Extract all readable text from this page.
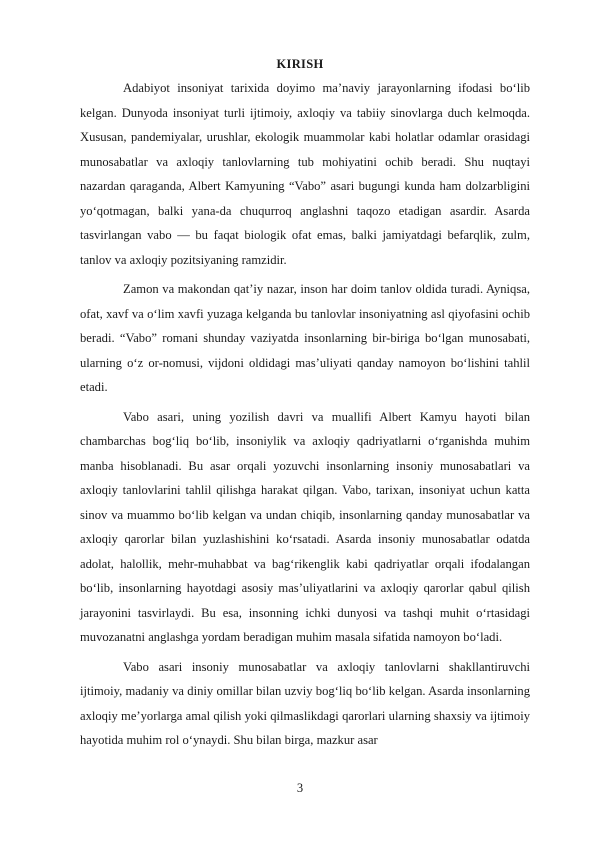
KIRISH

Adabiyot insoniyat tarixida doyimo maʼnaviy jarayonlarning ifodasi boʻlib kelgan. Dunyoda insoniyat turli ijtimoiy, axloqiy va tabiiy sinovlarga duch kelmoqda. Xususan, pandemiyalar, urushlar, ekologik muammolar kabi holatlar odamlar orasidagi munosabatlar va axloqiy tanlovlarning tub mohiyatini ochib beradi. Shu nuqtayi nazardan qaraganda, Albert Kamyuning “Vabo” asari bugungi kunda ham dolzarbligini yoʻqotmagan, balki yana-da chuqurroq anglashni taqozo etadigan asardir. Asarda tasvirlangan vabo — bu faqat biologik ofat emas, balki jamiyatdagi befarqlik, zulm, tanlov va axloqiy pozitsiyaning ramzidir.

Zamon va makondan qatʼiy nazar, inson har doim tanlov oldida turadi. Ayniqsa, ofat, xavf va oʻlim xavfi yuzaga kelganda bu tanlovlar insoniyatning asl qiyofasini ochib beradi. “Vabo” romani shunday vaziyatda insonlarning bir-biriga boʻlgan munosabati, ularning oʻz or-nomusi, vijdoni oldidagi masʼuliyati qanday namoyon boʻlishini tahlil etadi.

Vabo asari, uning yozilish davri va muallifi Albert Kamyu hayoti bilan chambarchas bogʻliq boʻlib, insoniylik va axloqiy qadriyatlarni oʻrganishda muhim manba hisoblanadi. Bu asar orqali yozuvchi insonlarning insoniy munosabatlari va axloqiy tanlovlarini tahlil qilishga harakat qilgan. Vabo, tarixan, insoniyat uchun katta sinov va muammo boʻlib kelgan va undan chiqib, insonlarning qanday munosabatlar va axloqiy qarorlar bilan yuzlashishini koʻrsatadi. Asarda insoniy munosabatlar odatda adolat, halollik, mehr-muhabbat va bagʻrikenglik kabi qadriyatlar orqali ifodalangan boʻlib, insonlarning hayotdagi asosiy masʼuliyatlarini va axloqiy qarorlar qabul qilish jarayonini tasvirlaydi. Bu esa, insonning ichki dunyosi va tashqi muhit oʻrtasidagi muvozanatni anglashga yordam beradigan muhim masala sifatida namoyon boʻladi.

Vabo asari insoniy munosabatlar va axloqiy tanlovlarni shakllantiruvchi ijtimoiy, madaniy va diniy omillar bilan uzviy bogʻliq boʻlib kelgan. Asarda insonlarning axloqiy meʼyorlarga amal qilish yoki qilmaslikdagi qarorlari ularning shaxsiy va ijtimoiy hayotida muhim rol oʻynaydi. Shu bilan birga, mazkur asar

3
